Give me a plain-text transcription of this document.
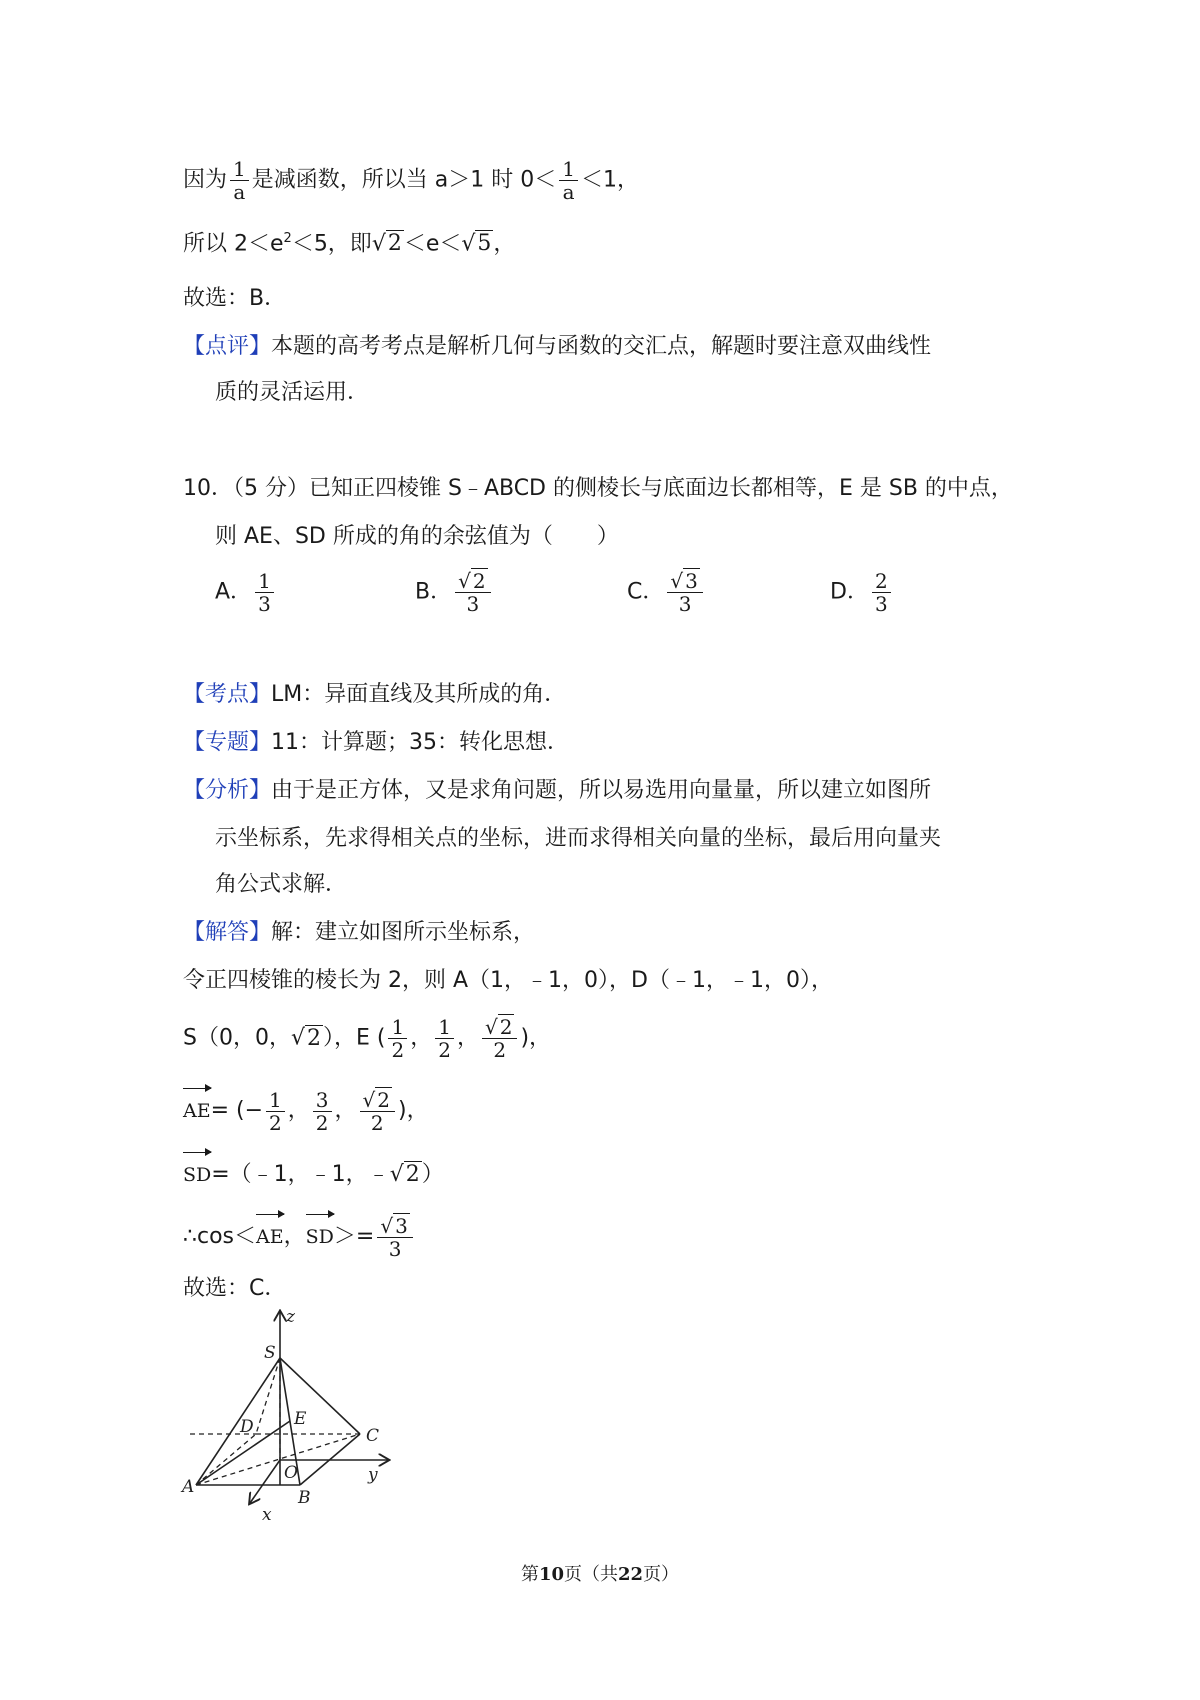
因为 $\frac{1}{a}$ 是减函数，所以当 a＞1 时 $0< \frac{1}{a} <1$，
所以 $2<e^2<5$，即√2＜e＜√5，
故选：B．
【点评】本题的高考考点是解析几何与函数的交汇点，解题时要注意双曲线性
质的灵活运用．
10．（5 分）已知正四棱锥 S﹣ABCD 的侧棱长与底面边长都相等，E 是 SB 的中点，
则 AE、SD 所成的角的余弦值为（　　）
A． $\frac{1}{3}$	B． $\frac{√ 2}{3}$	C． $\frac{√ 3}{3}$	D． $\frac{2}{3}$
【考点】LM：异面直线及其所成的角．
【专题】11：计算题；35：转化思想．
【分析】由于是正方体，又是求角问题，所以易选用向量量，所以建立如图所
示坐标系，先求得相关点的坐标，进而求得相关向量的坐标，最后用向量夹
角公式求解．
【解答】解：建立如图所示坐标系，
令正四棱锥的棱长为 2，则 A（1，﹣1，0），D（﹣1，﹣1，0），
S（0，0，√2），E ( $\frac{1}{2}$ ， $\frac{1}{2}$ ， $\frac{√ 2}{2}$ )，
AE= (− $\frac{1}{2}$ ， $\frac{3}{2}$ ， $\frac{√ 2}{2}$ )，
SD=（﹣1，﹣1，﹣√2）
∴cos＜AE，$SD>= \frac{√ 3}{3}$
故选：C．
z
S
D E
C
A
O
B
y
x
第10页（共22页）
